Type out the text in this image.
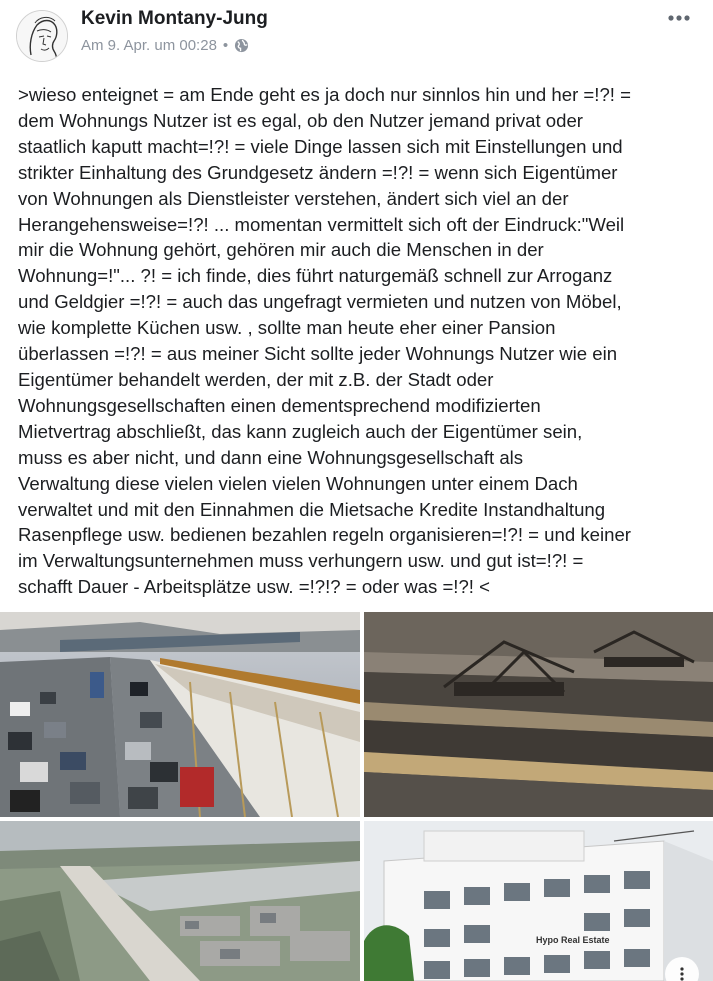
Kevin Montany-Jung
Am 9. Apr. um 00:28 •
>wieso enteignet = am Ende geht es ja doch nur sinnlos hin und her =!?! =
dem Wohnungs Nutzer ist es egal, ob den Nutzer jemand privat oder
staatlich kaputt macht=!?! = viele Dinge lassen sich mit Einstellungen und
strikter Einhaltung des Grundgesetz ändern =!?! = wenn sich Eigentümer
von Wohnungen als Dienstleister verstehen, ändert sich viel an der
Herangehensweise=!?! ... momentan vermittelt sich oft der Eindruck:"Weil
mir die Wohnung gehört, gehören mir auch die Menschen in der
Wohnung=!"... ?! = ich finde, dies führt naturgemäß schnell zur Arroganz
und Geldgier =!?! = auch das ungefragt vermieten und nutzen von Möbel,
wie komplette Küchen usw. , sollte man heute eher einer Pansion
überlassen =!?! = aus meiner Sicht sollte jeder Wohnungs Nutzer wie ein
Eigentümer behandelt werden, der mit z.B. der Stadt oder
Wohnungsgesellschaften einen dementsprechend modifizierten
Mietvertrag abschließt, das kann zugleich auch der Eigentümer sein,
muss es aber nicht, und dann eine Wohnungsgesellschaft als
Verwaltung diese vielen vielen vielen Wohnungen unter einem Dach
verwaltet und mit den Einnahmen die Mietsache Kredite Instandhaltung
Rasenpflege usw. bedienen bezahlen regeln organisieren=!?! = und keiner
im Verwaltungsunternehmen muss verhungern usw. und gut ist=!?! =
schafft Dauer - Arbeitsplätze usw. =!?!? = oder was =!?! <
Hypo Real Estate
